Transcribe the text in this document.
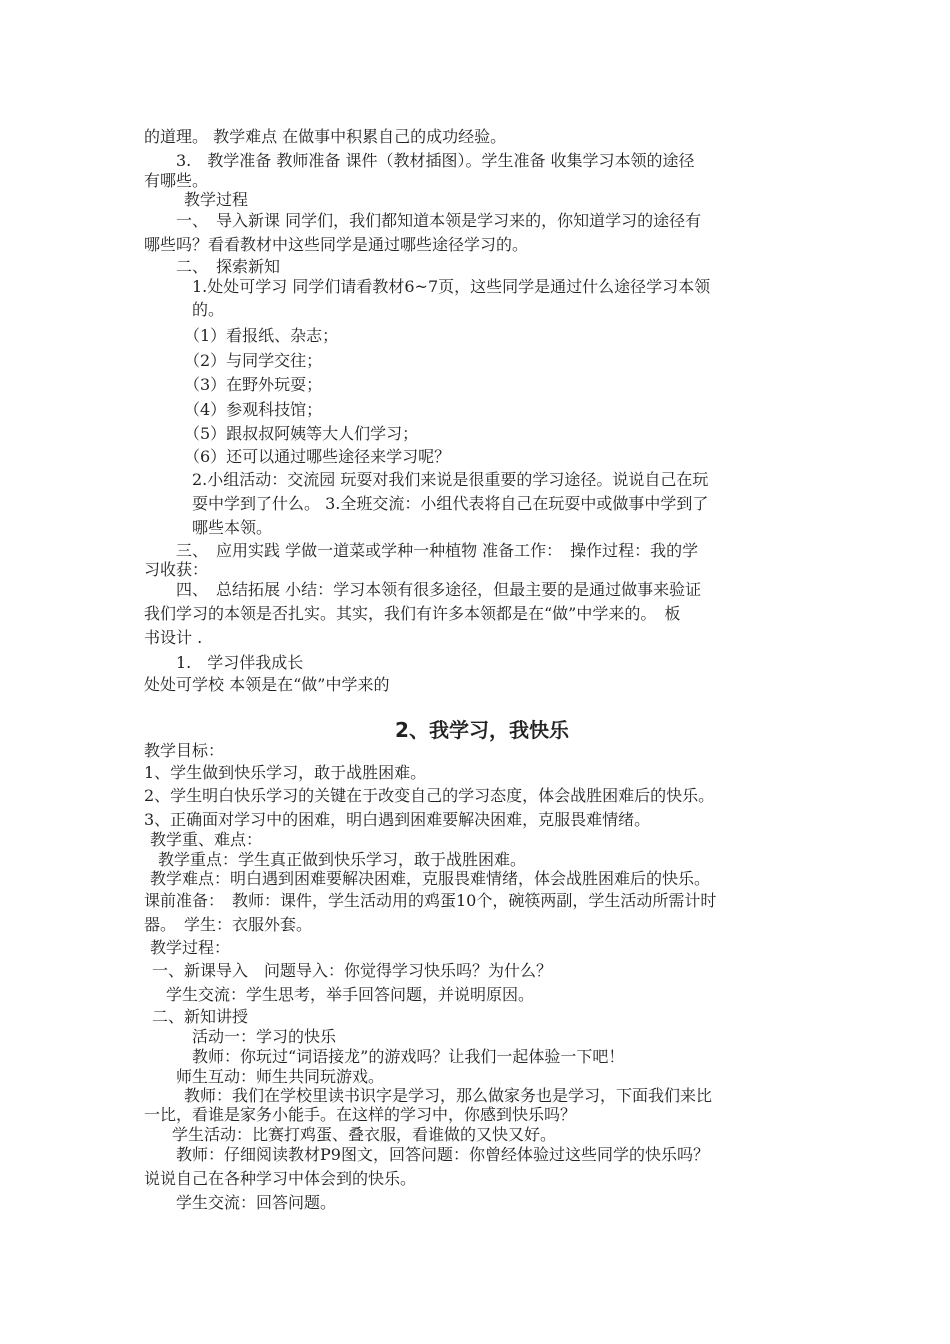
的道理。 教学难点 在做事中积累自己的成功经验。
3.　教学准备 教师准备 课件（教材插图）。学生准备 收集学习本领的途径
有哪些。
教学过程
一、　导入新课 同学们，我们都知道本领是学习来的，你知道学习的途径有
哪些吗？看看教材中这些同学是通过哪些途径学习的。
二、　探索新知
1.处处可学习 同学们请看教材6~7页，这些同学是通过什么途径学习本领
的。
（1）看报纸、杂志；
（2）与同学交往；
（3）在野外玩耍；
（4）参观科技馆；
（5）跟叔叔阿姨等大人们学习；
（6）还可以通过哪些途径来学习呢？
2.小组活动：交流园 玩耍对我们来说是很重要的学习途径。说说自己在玩
耍中学到了什么。 3.全班交流：小组代表将自己在玩耍中或做事中学到了
哪些本领。
三、　应用实践 学做一道菜或学种一种植物 准备工作：　操作过程：我的学
习收获：
四、　总结拓展 小结：学习本领有很多途径，但最主要的是通过做事来验证
我们学习的本领是否扎实。其实，我们有许多本领都是在“做”中学来的。　板
书设计 .
1.　学习伴我成长
处处可学校 本领是在“做”中学来的
2、我学习，我快乐
教学目标：
1、学生做到快乐学习，敢于战胜困难。
2、学生明白快乐学习的关键在于改变自己的学习态度，体会战胜困难后的快乐。
3、正确面对学习中的困难，明白遇到困难要解决困难，克服畏难情绪。
教学重、难点：
教学重点：学生真正做到快乐学习，敢于战胜困难。
教学难点：明白遇到困难要解决困难，克服畏难情绪，体会战胜困难后的快乐。
课前准备：　教师：课件，学生活动用的鸡蛋10个，碗筷两副，学生活动所需计时
器。　学生：衣服外套。
教学过程：
一、新课导入　问题导入：你觉得学习快乐吗？为什么？
学生交流：学生思考，举手回答问题，并说明原因。
二、新知讲授
活动一：学习的快乐
教师：你玩过“词语接龙”的游戏吗？让我们一起体验一下吧！
师生互动：师生共同玩游戏。
教师：我们在学校里读书识字是学习，那么做家务也是学习，下面我们来比
一比，看谁是家务小能手。在这样的学习中，你感到快乐吗？
学生活动：比赛打鸡蛋、叠衣服，看谁做的又快又好。
教师：仔细阅读教材P9图文，回答问题：你曾经体验过这些同学的快乐吗？
说说自己在各种学习中体会到的快乐。
学生交流：回答问题。
